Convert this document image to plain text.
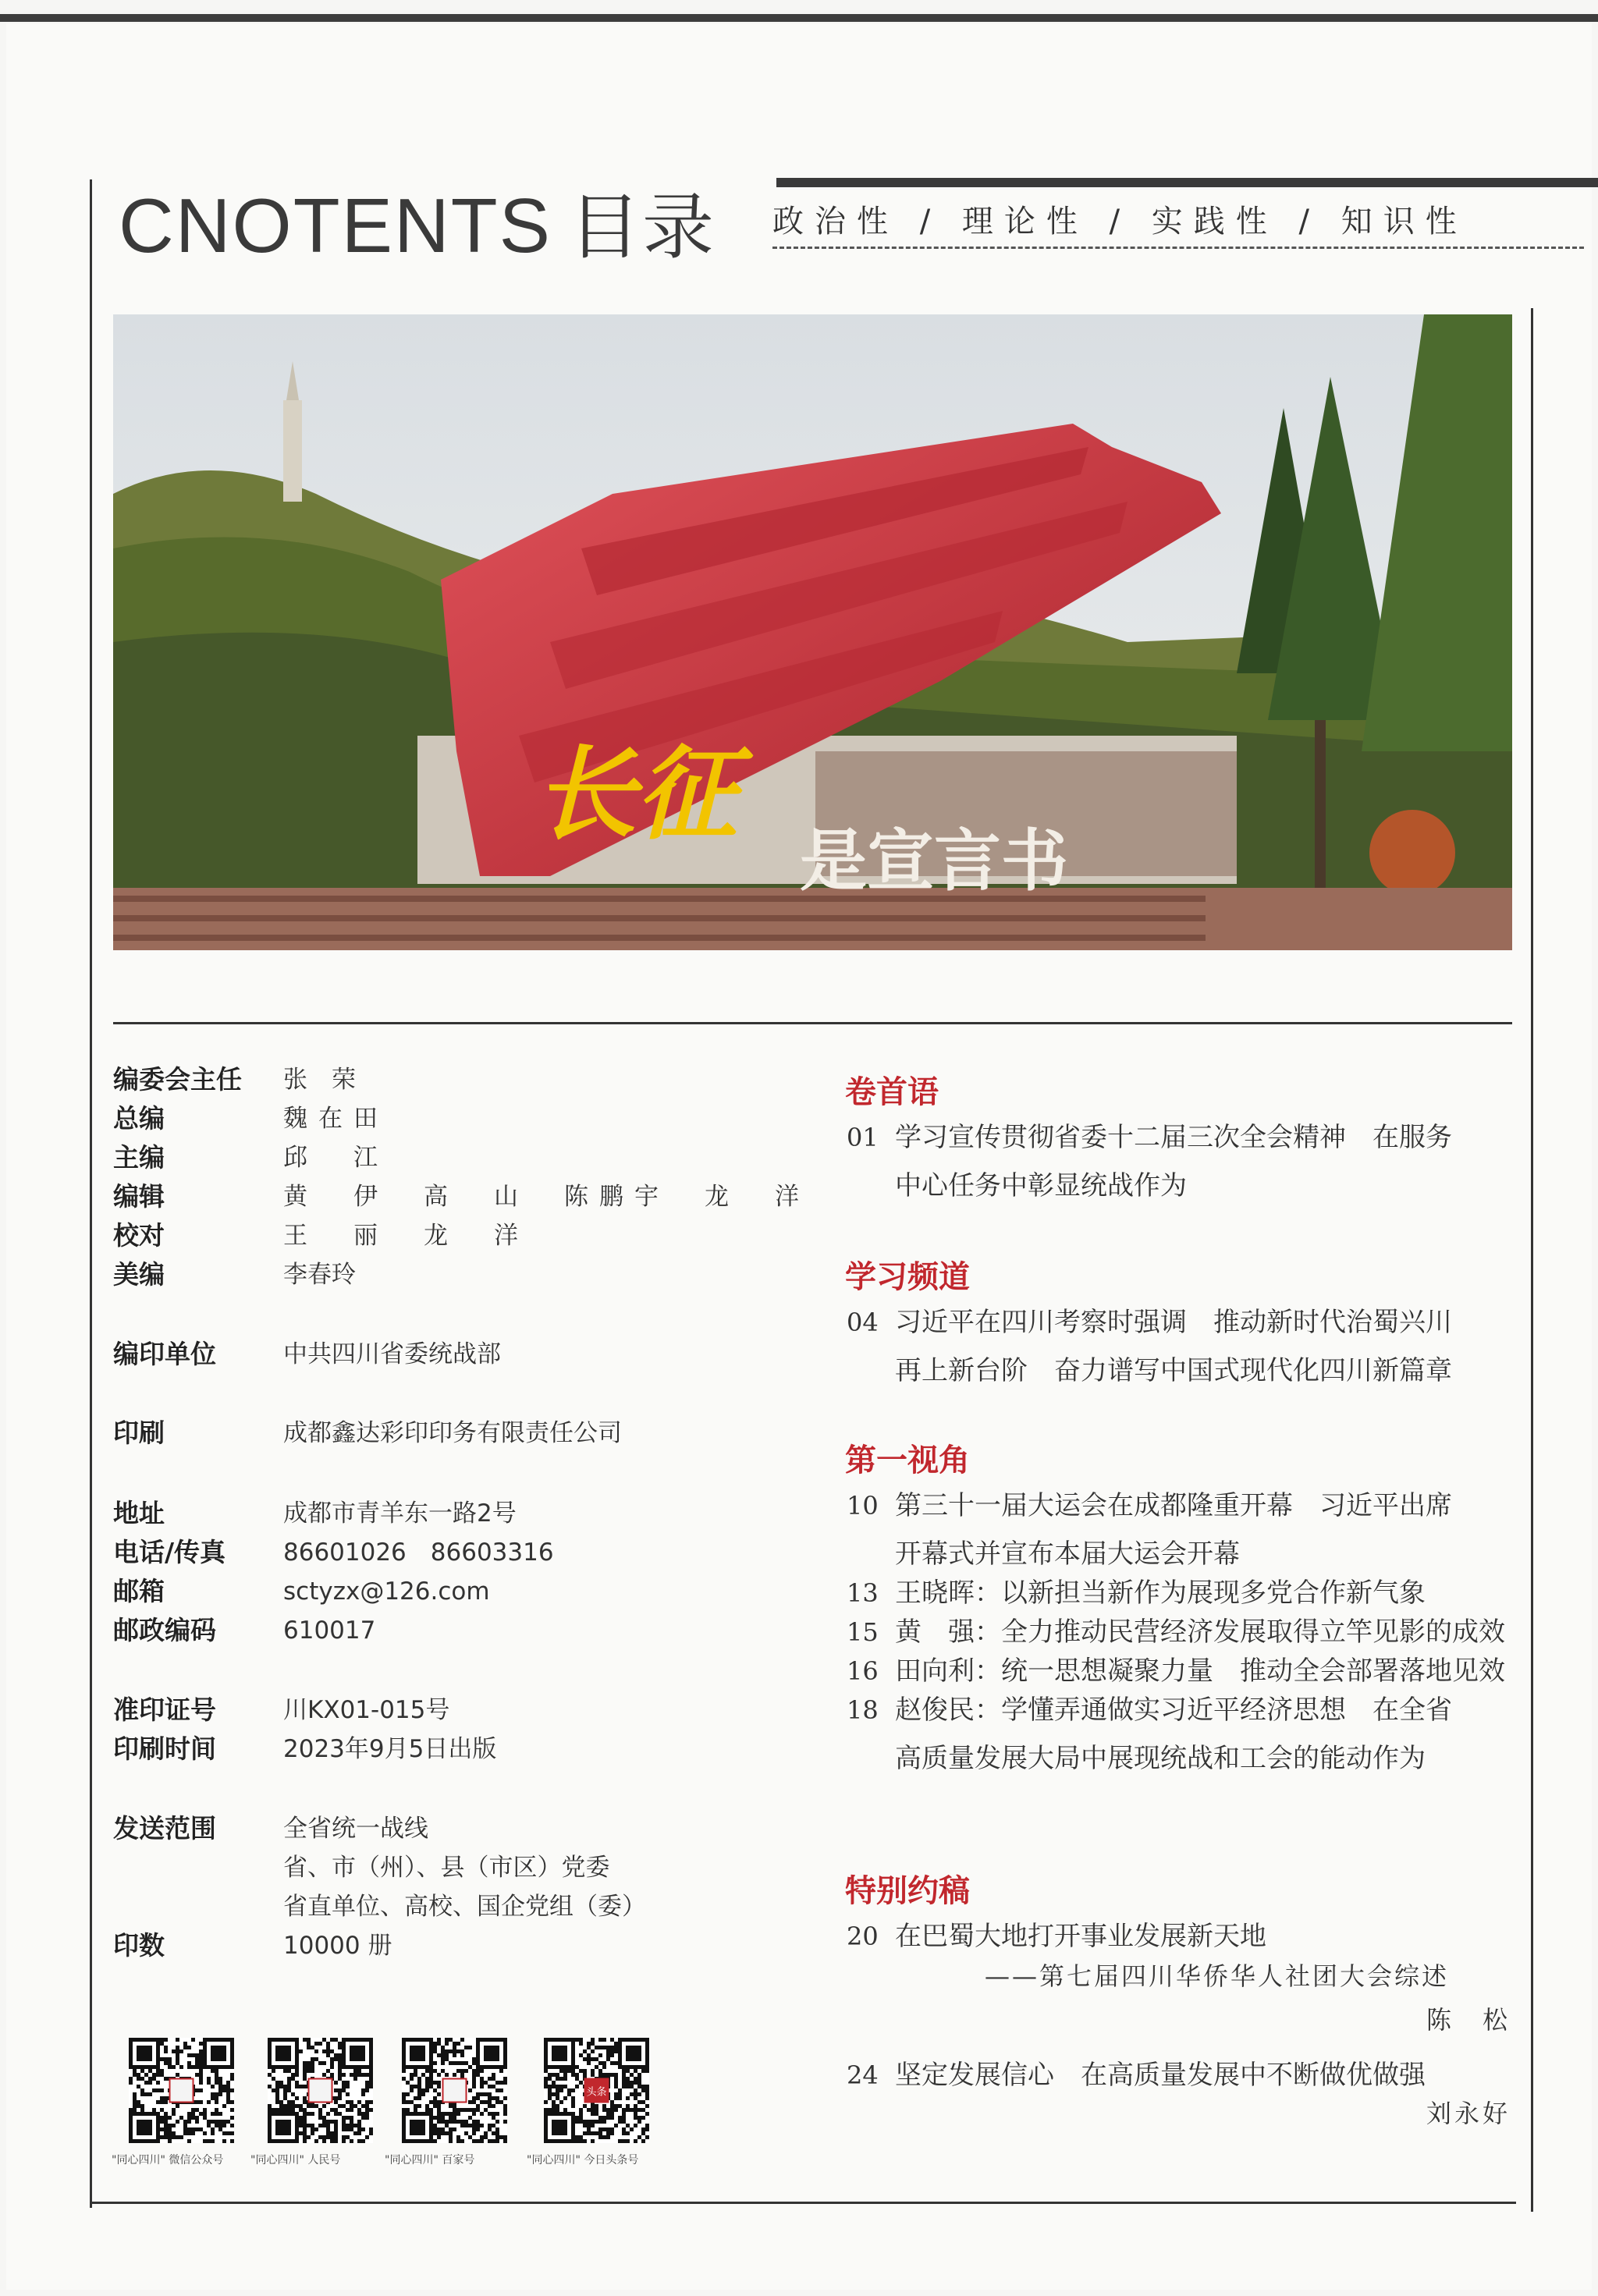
CNOTENTS 目录 政治性 / 理论性 / 实践性 / 知识性
长征
是宣言书
编委会主任	张　荣
总编	魏在田
主编	邱　江
编辑	黄　伊　高　山　陈鹏宇　龙　洋
校对	王　丽　龙　洋
美编	李春玲
编印单位	中共四川省委统战部
印刷	成都鑫达彩印印务有限责任公司
地址	成都市青羊东一路2号
电话/传真	86601026　86603316
邮箱	sctyzx@126.com
邮政编码	610017
准印证号	川KX01-015号
印刷时间	2023年9月5日出版
发送范围	全省统一战线
省、市（州）、县（市区）党委
省直单位、高校、国企党组（委）
印数	10000 册
"同心四川" 微信公众号 "同心四川" 人民号	"同心四川" 百家号
头条
"同心四川" 今日头条号
卷首语
01 学习宣传贯彻省委十二届三次全会精神　在服务
中心任务中彰显统战作为
学习频道
04 习近平在四川考察时强调　推动新时代治蜀兴川
再上新台阶　奋力谱写中国式现代化四川新篇章
第一视角
10 第三十一届大运会在成都隆重开幕　习近平出席
开幕式并宣布本届大运会开幕
13 王晓晖：以新担当新作为展现多党合作新气象
15 黄　强：全力推动民营经济发展取得立竿见影的成效
16 田向利：统一思想凝聚力量　推动全会部署落地见效
18 赵俊民：学懂弄通做实习近平经济思想　在全省
高质量发展大局中展现统战和工会的能动作为
特别约稿
20 在巴蜀大地打开事业发展新天地
——第七届四川华侨华人社团大会综述
陈　松
24 坚定发展信心　在高质量发展中不断做优做强
刘永好
